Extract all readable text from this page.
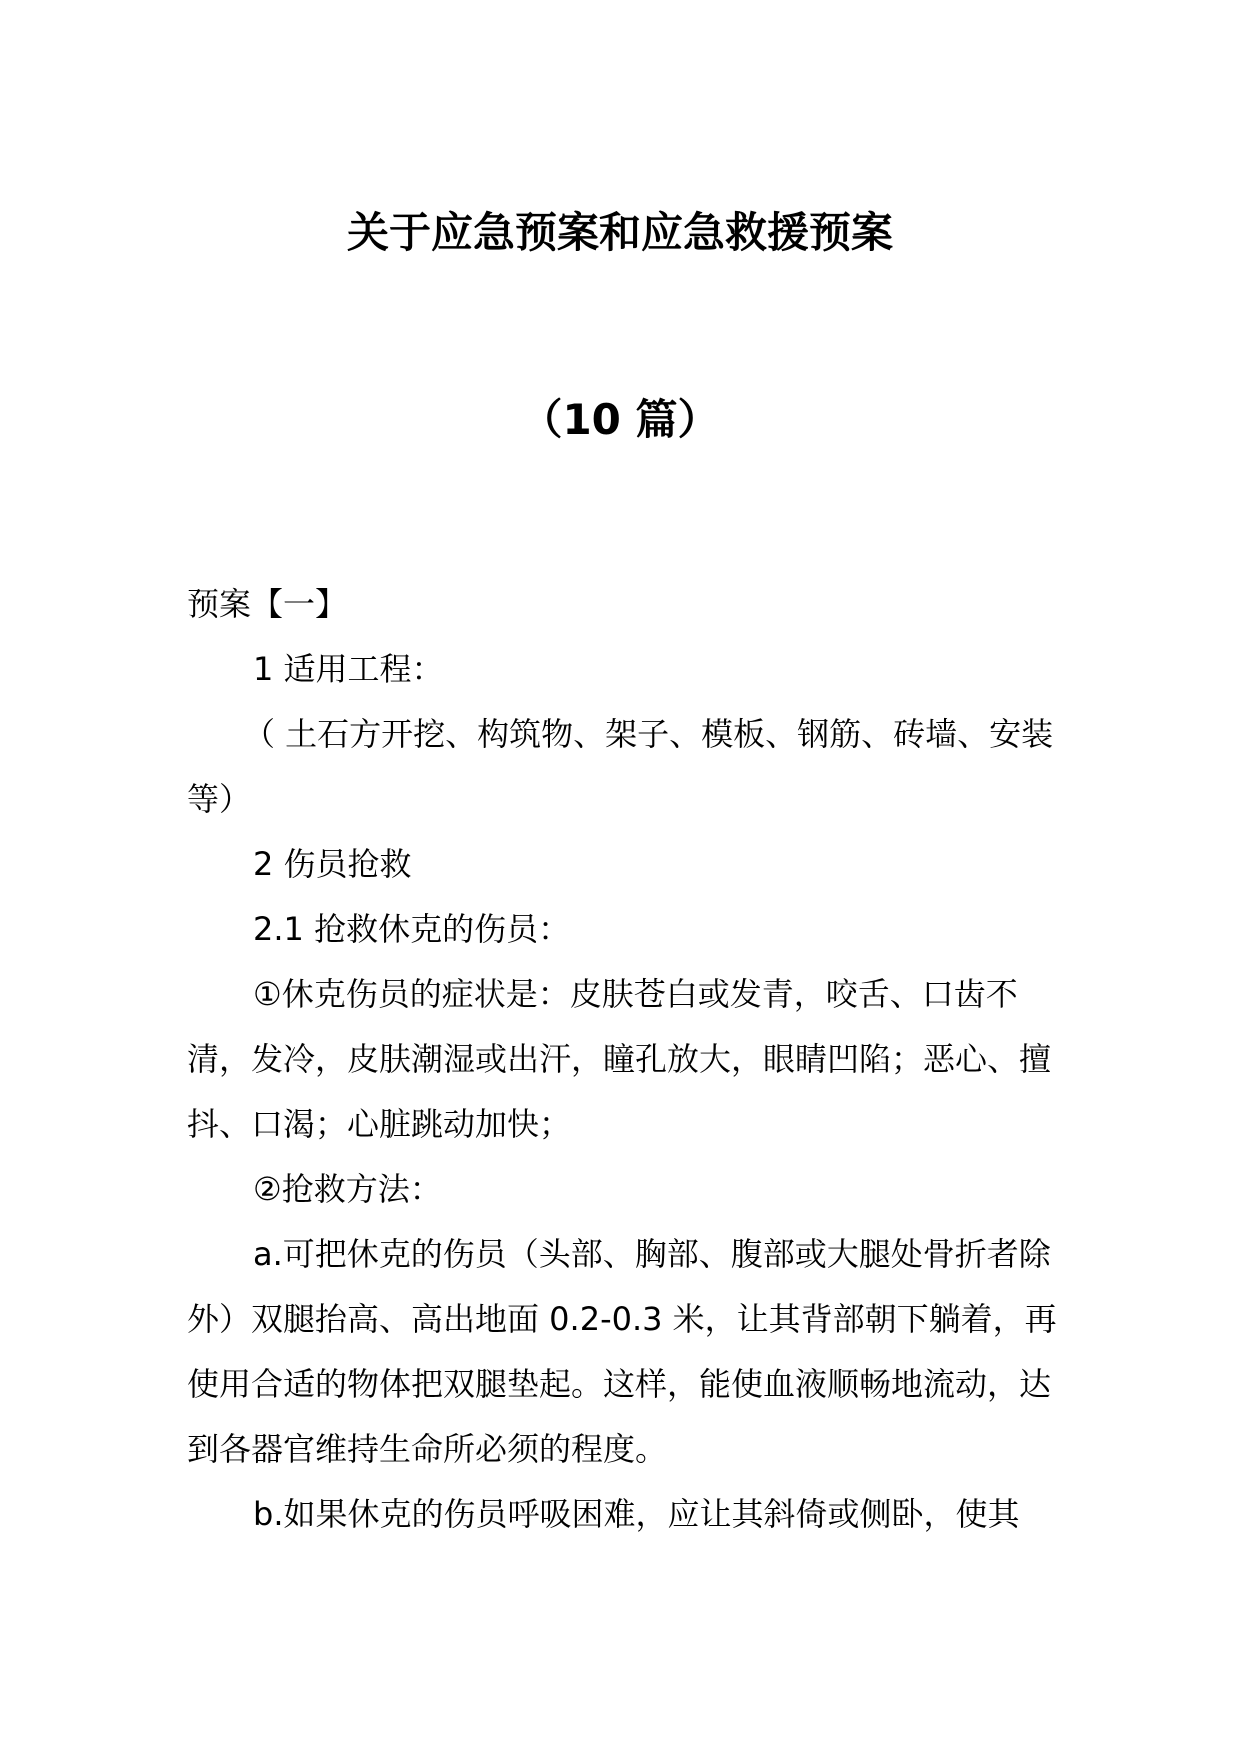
关于应急预案和应急救援预案
（10 篇）

预案【一】

1 适用工程：

（ 土石方开挖、构筑物、架子、模板、钢筋、砖墙、安装等）

2 伤员抢救

2.1 抢救休克的伤员：

①休克伤员的症状是：皮肤苍白或发青，咬舌、口齿不清，发冷，皮肤潮湿或出汗，瞳孔放大，眼睛凹陷；恶心、擅抖、口渴；心脏跳动加快；

②抢救方法：

a.可把休克的伤员（头部、胸部、腹部或大腿处骨折者除外）双腿抬高、高出地面 0.2-0.3 米，让其背部朝下躺着，再使用合适的物体把双腿垫起。这样，能使血液顺畅地流动，达到各器官维持生命所必须的程度。

b.如果休克的伤员呼吸困难，应让其斜倚或侧卧，使其
